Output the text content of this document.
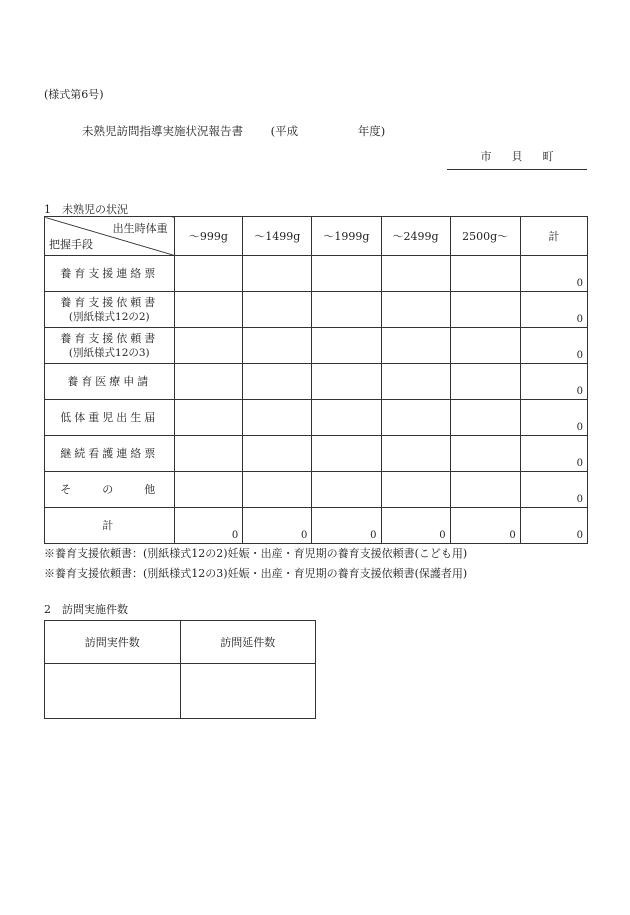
(様式第6号)
未熟児訪問指導実施状況報告書 (平成	年度)
市   貝   町
1　未熟児の状況
出生時体重
把握手段	〜999g	〜1499g	〜1999g	〜2499g	2500g〜	計

養育支援連絡票						0

養育支援依頼書
(別紙様式12の2)						0

養育支援依頼書
(別紙様式12の3)						0

養育医療申請						0

低体重児出生届						0

継続看護連絡票						0

そ　　の　　他						0

計	0	0	0	0	0	0
※養育支援依頼書：(別紙様式12の2)妊娠・出産・育児期の養育支援依頼書(こども用)
※養育支援依頼書：(別紙様式12の3)妊娠・出産・育児期の養育支援依頼書(保護者用)
2　訪問実施件数
訪問実件数	訪問延件数
